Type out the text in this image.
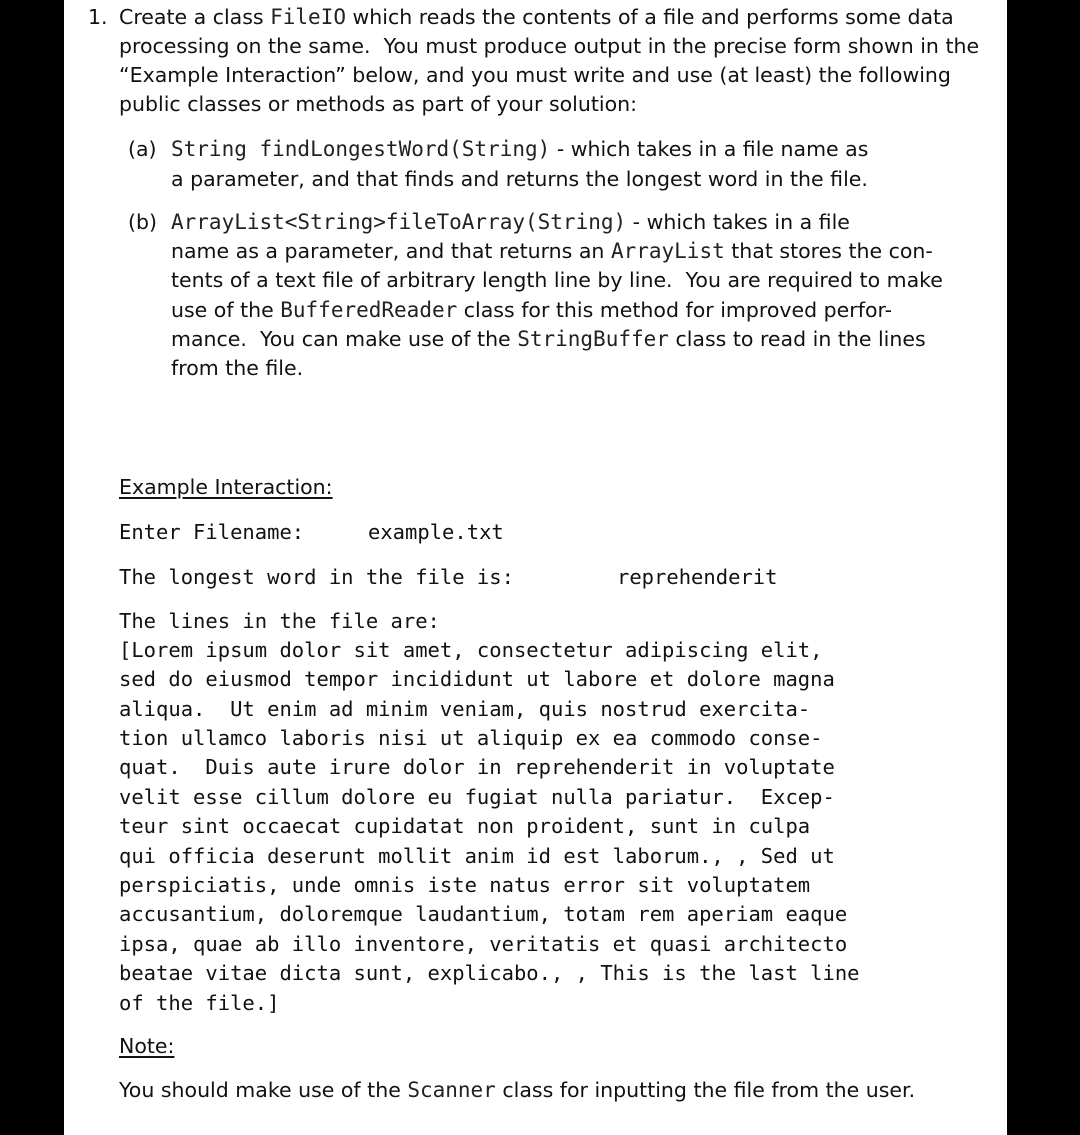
1. Create a class FileIO which reads the contents of a file and performs some data
processing on the same.  You must produce output in the precise form shown in the
“Example Interaction” below, and you must write and use (at least) the following
public classes or methods as part of your solution:
(a) String findLongestWord(String) - which takes in a file name as
a parameter, and that finds and returns the longest word in the file.
(b) ArrayList<String>fileToArray(String) - which takes in a file
name as a parameter, and that returns an ArrayList that stores the con-
tents of a text file of arbitrary length line by line.  You are required to make
use of the BufferedReader class for this method for improved perfor-
mance.  You can make use of the StringBuffer class to read in the lines
from the file.
Example Interaction:
Enter Filename:	example.txt
The longest word in the file is:	reprehenderit
The lines in the file are:
[Lorem ipsum dolor sit amet, consectetur adipiscing elit,
sed do eiusmod tempor incididunt ut labore et dolore magna
aliqua.  Ut enim ad minim veniam, quis nostrud exercita-
tion ullamco laboris nisi ut aliquip ex ea commodo conse-
quat.  Duis aute irure dolor in reprehenderit in voluptate
velit esse cillum dolore eu fugiat nulla pariatur.  Excep-
teur sint occaecat cupidatat non proident, sunt in culpa
qui officia deserunt mollit anim id est laborum., , Sed ut
perspiciatis, unde omnis iste natus error sit voluptatem
accusantium, doloremque laudantium, totam rem aperiam eaque
ipsa, quae ab illo inventore, veritatis et quasi architecto
beatae vitae dicta sunt, explicabo., , This is the last line
of the file.]
Note:
You should make use of the Scanner class for inputting the file from the user.
